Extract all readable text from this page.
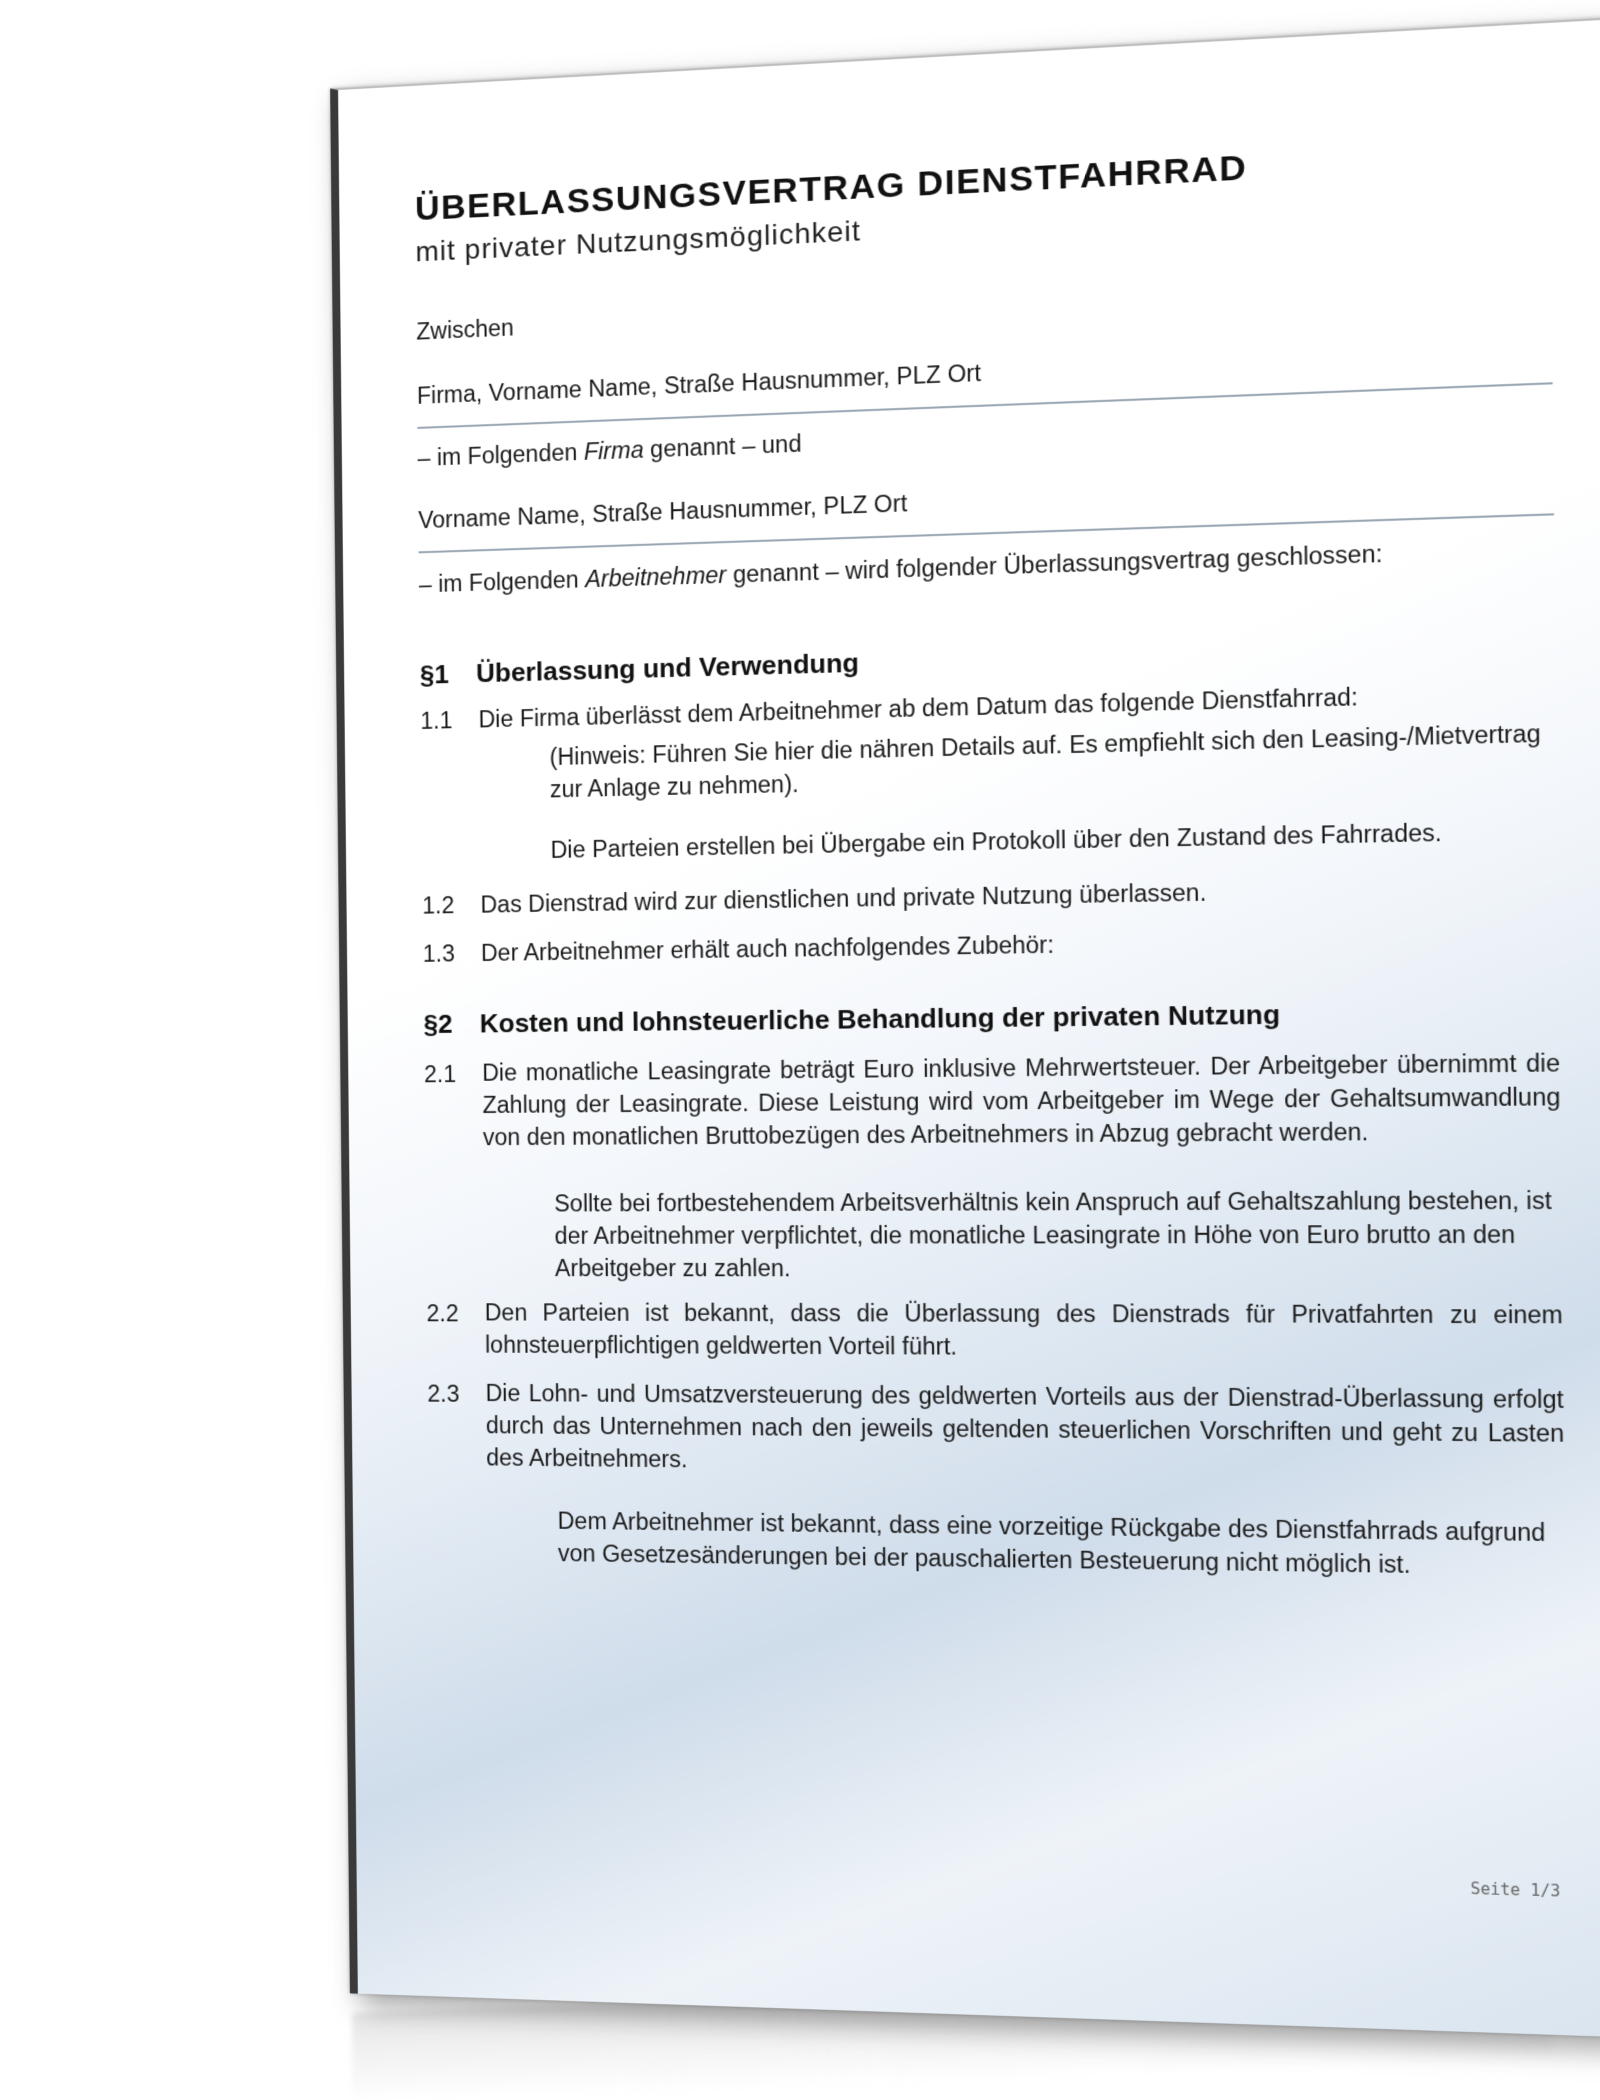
ÜBERLASSUNGSVERTRAG DIENSTFAHRRAD
mit privater Nutzungsmöglichkeit
Zwischen
Firma, Vorname Name, Straße Hausnummer, PLZ Ort
– im Folgenden Firma genannt – und
Vorname Name, Straße Hausnummer, PLZ Ort
– im Folgenden Arbeitnehmer genannt – wird folgender Überlassungsvertrag geschlossen:
§1 Überlassung und Verwendung
1.1 Die Firma überlässt dem Arbeitnehmer ab dem Datum das folgende Dienstfahrrad:
(Hinweis: Führen Sie hier die nähren Details auf. Es empfiehlt sich den Leasing-/Mietvertrag zur Anlage zu nehmen).
Die Parteien erstellen bei Übergabe ein Protokoll über den Zustand des Fahrrades.
1.2 Das Dienstrad wird zur dienstlichen und private Nutzung überlassen.
1.3 Der Arbeitnehmer erhält auch nachfolgendes Zubehör:
§2 Kosten und lohnsteuerliche Behandlung der privaten Nutzung
2.1 Die monatliche Leasingrate beträgt Euro inklusive Mehrwertsteuer. Der Arbeitgeber übernimmt die Zahlung der Leasingrate. Diese Leistung wird vom Arbeitgeber im Wege der Gehaltsumwandlung von den monatlichen Bruttobezügen des Arbeitnehmers in Abzug gebracht werden.
Sollte bei fortbestehendem Arbeitsverhältnis kein Anspruch auf Gehaltszahlung bestehen, ist der Arbeitnehmer verpflichtet, die monatliche Leasingrate in Höhe von Euro brutto an den Arbeitgeber zu zahlen.
2.2 Den Parteien ist bekannt, dass die Überlassung des Dienstrads für Privatfahrten zu einem lohnsteuerpflichtigen geldwerten Vorteil führt.
2.3 Die Lohn- und Umsatzversteuerung des geldwerten Vorteils aus der Dienstrad-Überlassung erfolgt durch das Unternehmen nach den jeweils geltenden steuerlichen Vorschriften und geht zu Lasten des Arbeitnehmers.
Dem Arbeitnehmer ist bekannt, dass eine vorzeitige Rückgabe des Dienstfahrrads aufgrund von Gesetzesänderungen bei der pauschalierten Besteuerung nicht möglich ist.
Seite 1/3
